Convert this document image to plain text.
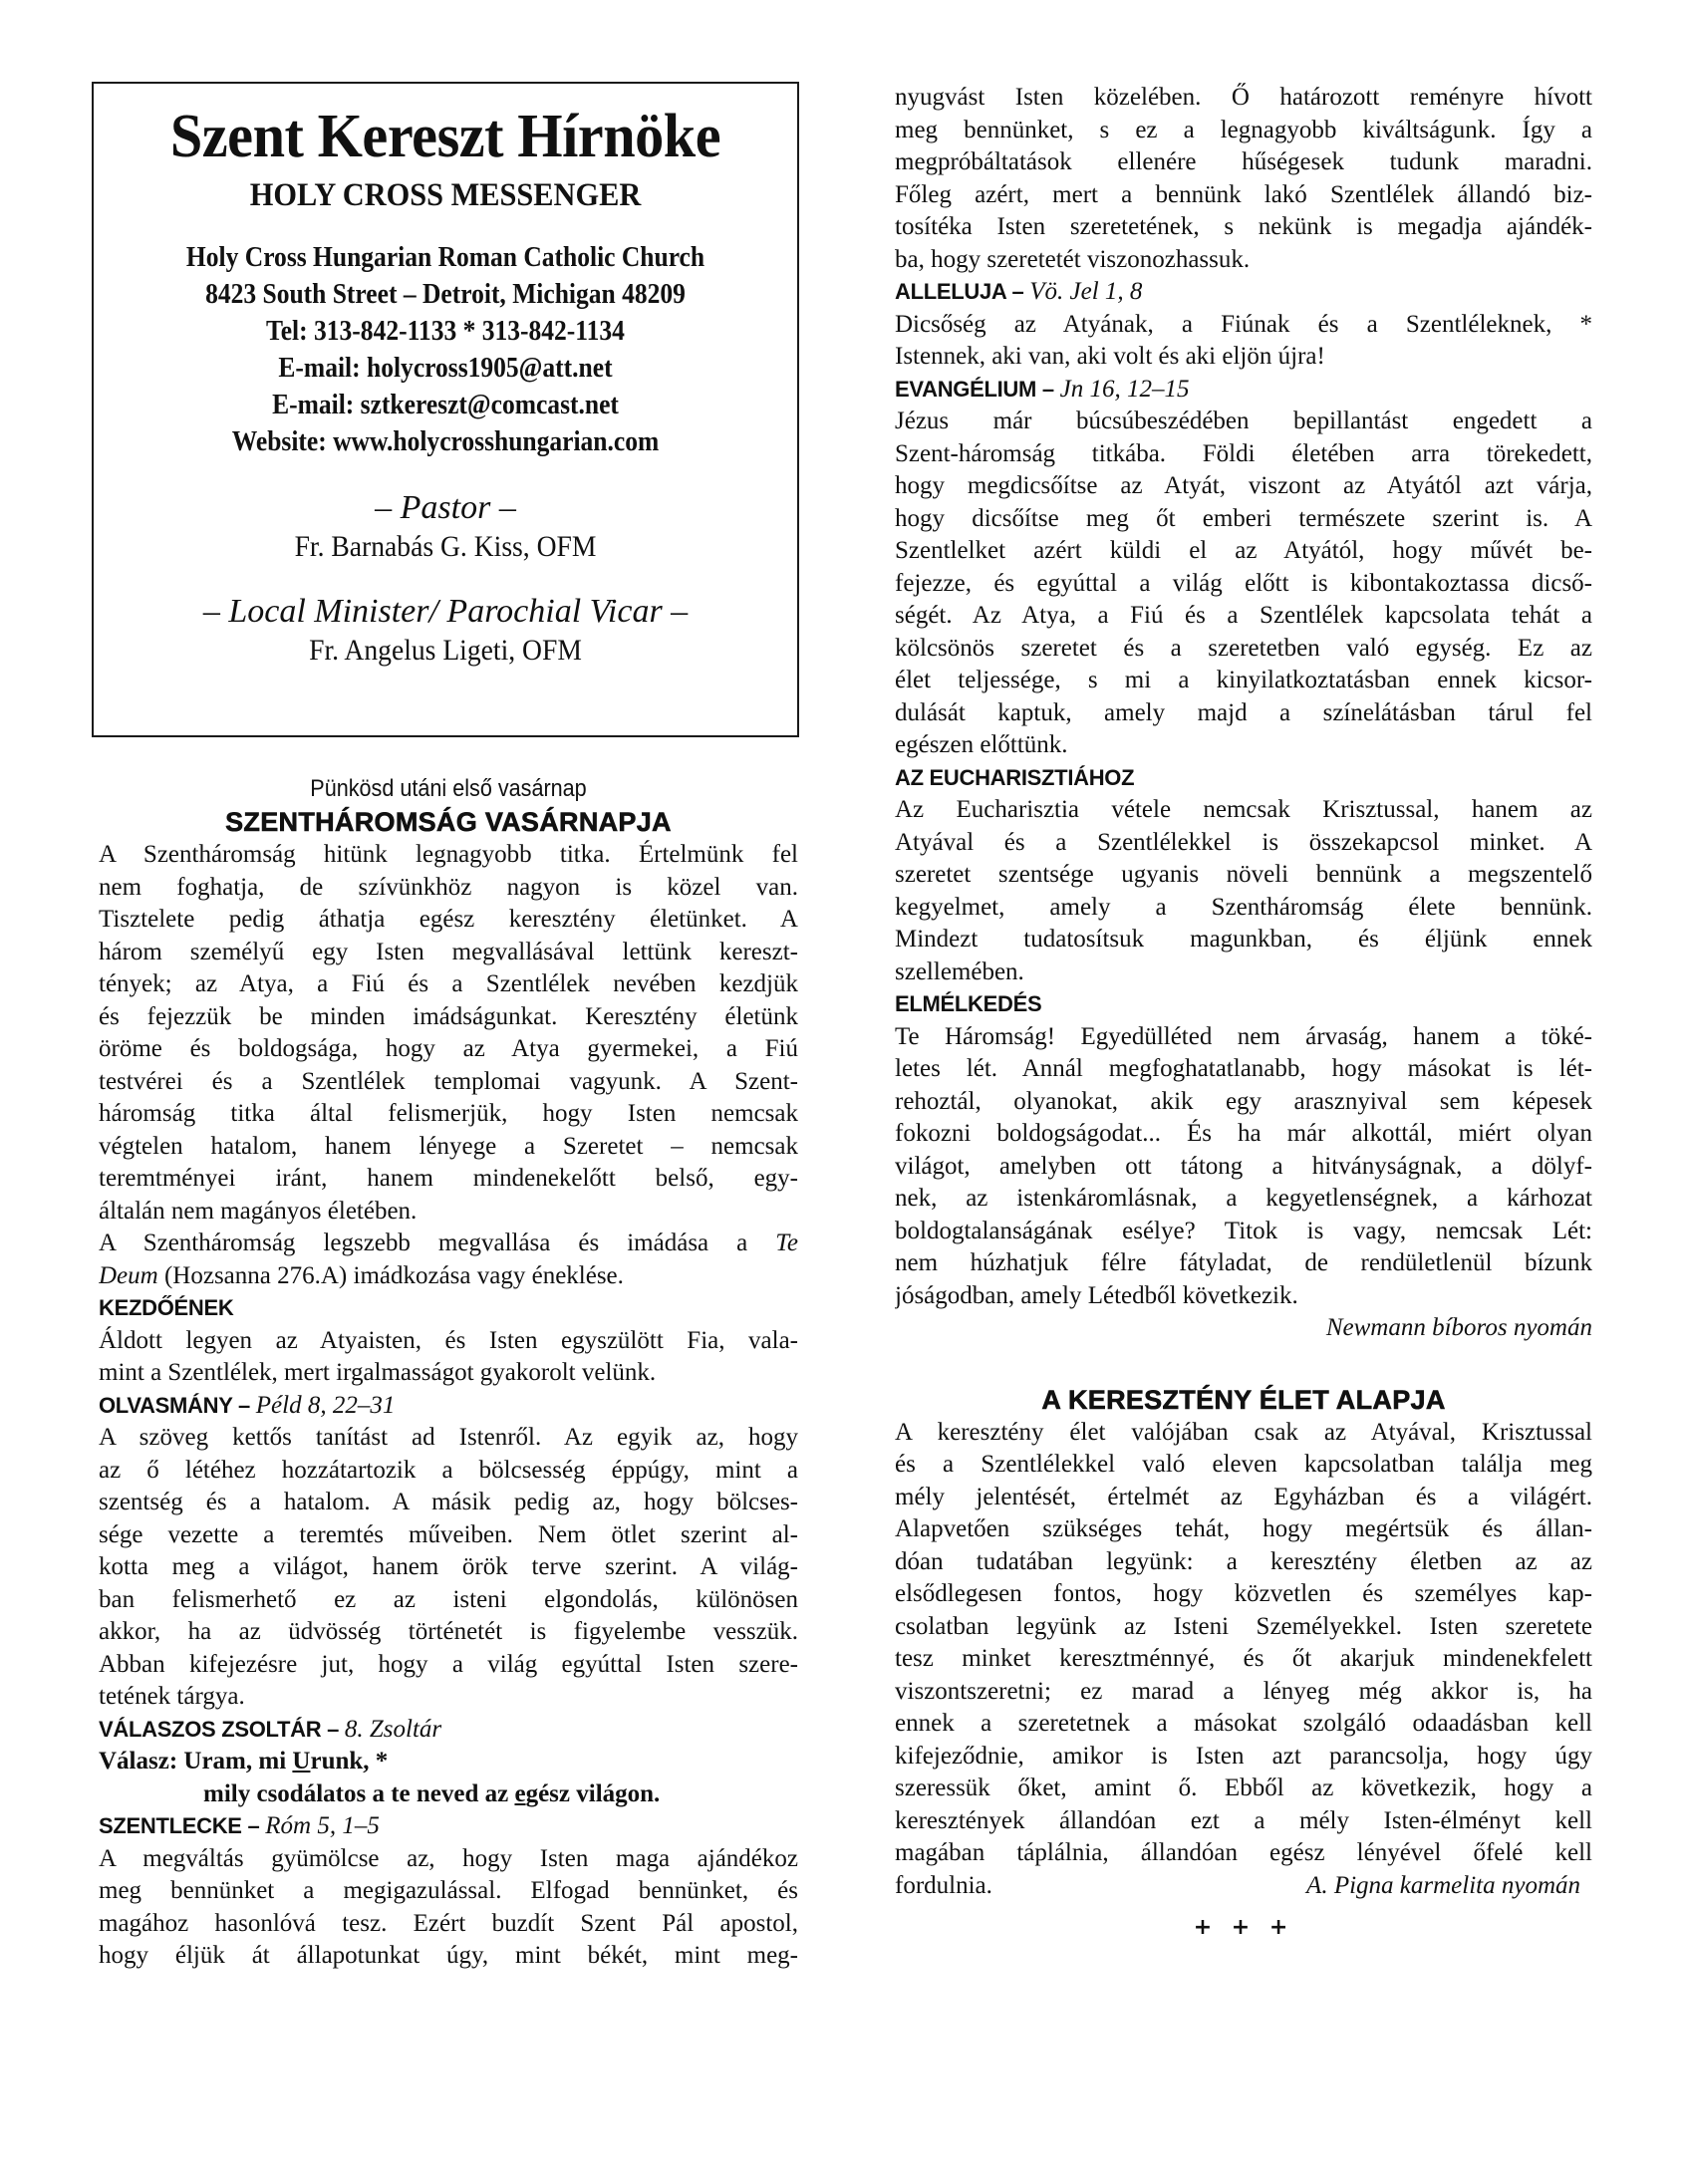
Szent Kereszt Hírnöke
HOLY CROSS MESSENGER
Holy Cross Hungarian Roman Catholic Church
8423 South Street – Detroit, Michigan 48209
Tel: 313-842-1133 * 313-842-1134
E-mail: holycross1905@att.net
E-mail: sztkereszt@comcast.net
Website: www.holycrosshungarian.com
– Pastor –
Fr. Barnabás G. Kiss, OFM
– Local Minister/ Parochial Vicar –
Fr. Angelus Ligeti, OFM
Pünkösd utáni első vasárnap
SZENTHÁROMSÁG VASÁRNAPJA
A Szentháromság hitünk legnagyobb titka. Értelmünk fel
nem foghatja, de szívünkhöz nagyon is közel van.
Tisztelete pedig áthatja egész keresztény életünket. A
három személyű egy Isten megvallásával lettünk kereszt-
tények; az Atya, a Fiú és a Szentlélek nevében kezdjük
és fejezzük be minden imádságunkat. Keresztény életünk
öröme és boldogsága, hogy az Atya gyermekei, a Fiú
testvérei és a Szentlélek templomai vagyunk. A Szent-
háromság titka által felismerjük, hogy Isten nemcsak
végtelen hatalom, hanem lényege a Szeretet – nemcsak
teremtményei iránt, hanem mindenekelőtt belső, egy-
általán nem magányos életében.
A Szentháromság legszebb megvallása és imádása a Te
Deum (Hozsanna 276.A) imádkozása vagy éneklése.
KEZDŐÉNEK
Áldott legyen az Atyaisten, és Isten egyszülött Fia, vala-
mint a Szentlélek, mert irgalmasságot gyakorolt velünk.
OLVASMÁNY – Péld 8, 22–31
A szöveg kettős tanítást ad Istenről. Az egyik az, hogy
az ő létéhez hozzátartozik a bölcsesség éppúgy, mint a
szentség és a hatalom. A másik pedig az, hogy bölcses-
sége vezette a teremtés műveiben. Nem ötlet szerint al-
kotta meg a világot, hanem örök terve szerint. A világ-
ban felismerhető ez az isteni elgondolás, különösen
akkor, ha az üdvösség történetét is figyelembe vesszük.
Abban kifejezésre jut, hogy a világ egyúttal Isten szere-
tetének tárgya.
VÁLASZOS ZSOLTÁR – 8. Zsoltár
Válasz: Uram, mi Urunk, *
mily csodálatos a te neved az egész világon.
SZENTLECKE – Róm 5, 1–5
A megváltás gyümölcse az, hogy Isten maga ajándékoz
meg bennünket a megigazulással. Elfogad bennünket, és
magához hasonlóvá tesz. Ezért buzdít Szent Pál apostol,
hogy éljük át állapotunkat úgy, mint békét, mint meg-
nyugvást Isten közelében. Ő határozott reményre hívott
meg bennünket, s ez a legnagyobb kiváltságunk. Így a
megpróbáltatások ellenére hűségesek tudunk maradni.
Főleg azért, mert a bennünk lakó Szentlélek állandó biz-
tosítéka Isten szeretetének, s nekünk is megadja ajándék-
ba, hogy szeretetét viszonozhassuk.
ALLELUJA – Vö. Jel 1, 8
Dicsőség az Atyának, a Fiúnak és a Szentléleknek, *
Istennek, aki van, aki volt és aki eljön újra!
EVANGÉLIUM – Jn 16, 12–15
Jézus már búcsúbeszédében bepillantást engedett a
Szent-háromság titkába. Földi életében arra törekedett,
hogy megdicsőítse az Atyát, viszont az Atyától azt várja,
hogy dicsőítse meg őt emberi természete szerint is. A
Szentlelket azért küldi el az Atyától, hogy művét be-
fejezze, és egyúttal a világ előtt is kibontakoztassa dicső-
ségét. Az Atya, a Fiú és a Szentlélek kapcsolata tehát a
kölcsönös szeretet és a szeretetben való egység. Ez az
élet teljessége, s mi a kinyilatkoztatásban ennek kicsor-
dulását kaptuk, amely majd a színelátásban tárul fel
egészen előttünk.
AZ EUCHARISZTIÁHOZ
Az Eucharisztia vétele nemcsak Krisztussal, hanem az
Atyával és a Szentlélekkel is összekapcsol minket. A
szeretet szentsége ugyanis növeli bennünk a megszentelő
kegyelmet, amely a Szentháromság élete bennünk.
Mindezt tudatosítsuk magunkban, és éljünk ennek
szellemében.
ELMÉLKEDÉS
Te Háromság! Egyedülléted nem árvaság, hanem a töké-
letes lét. Annál megfoghatatlanabb, hogy másokat is lét-
rehoztál, olyanokat, akik egy arasznyival sem képesek
fokozni boldogságodat... És ha már alkottál, miért olyan
világot, amelyben ott tátong a hitványságnak, a dölyf-
nek, az istenkáromlásnak, a kegyetlenségnek, a kárhozat
boldogtalanságának esélye? Titok is vagy, nemcsak Lét:
nem húzhatjuk félre fátyladat, de rendületlenül bízunk
jóságodban, amely Létedből következik.
Newmann bíboros nyomán
A KERESZTÉNY ÉLET ALAPJA
A keresztény élet valójában csak az Atyával, Krisztussal
és a Szentlélekkel való eleven kapcsolatban találja meg
mély jelentését, értelmét az Egyházban és a világért.
Alapvetően szükséges tehát, hogy megértsük és állan-
dóan tudatában legyünk: a keresztény életben az az
elsődlegesen fontos, hogy közvetlen és személyes kap-
csolatban legyünk az Isteni Személyekkel. Isten szeretete
tesz minket keresztménnyé, és őt akarjuk mindenekfelett
viszontszeretni; ez marad a lényeg még akkor is, ha
ennek a szeretetnek a másokat szolgáló odaadásban kell
kifejeződnie, amikor is Isten azt parancsolja, hogy úgy
szeressük őket, amint ő. Ebből az következik, hogy a
keresztények állandóan ezt a mély Isten-élményt kell
magában táplálnia, állandóan egész lényével őfelé kell
fordulnia.	A. Pigna karmelita nyomán
+ + +
